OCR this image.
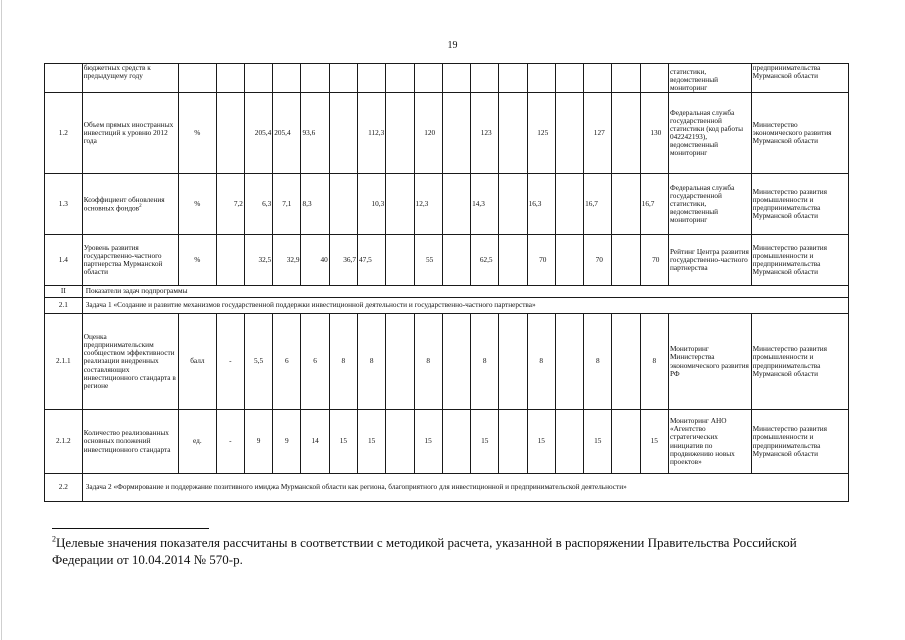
19
	бюджетных средств к предыдущему году																		статистики, ведомственный мониторинг	предпринимательства Мурманской области
1.2	Объем прямых иностранных инвестиций к уровню 2012 года	%		205,4	205,4	93,6		112,3		120		123		125		127		130	Федеральная служба государственной статистики (код работы 042242193), ведомственный мониторинг	Министерство экономического развития Мурманской области
1.3	Коэффициент обновления основных фондов$^2$	%	7,2	6,3	7,1	8,3		10,3		12,3		14,3		16,3		16,7		16,7	Федеральная служба государственной статистики, ведомственный мониторинг	Министерство развития промышленности и предпринимательства Мурманской области
1.4	Уровень развития государственно-частного партнерства Мурманской области	%		32,5	32,9	40	36,7	47,5		55		62,5		70		70		70	Рейтинг Центра развития государственно-частного партнерства	Министерство развития промышленности и предпринимательства Мурманской области
II	Показатели задач подпрограммы																			
2.1	Задача 1 «Создание и развитие механизмов государственной поддержки инвестиционной деятельности и государственно-частного партнерства»																			
2.1.1	Оценка предпринимательским сообществом эффективности реализации внедренных составляющих инвестиционного стандарта в регионе	балл	-	5,5	6	6	8	8		8		8		8		8		8	Мониторинг Министерства экономического развития РФ	Министерство развития промышленности и предпринимательства Мурманской области
2.1.2	Количество реализованных основных положений инвестиционного стандарта	ед.	-	9	9	14	15	15		15		15		15		15		15	Мониторинг АНО «Агентство стратегических инициатив по продвижению новых проектов»	Министерство развития промышленности и предпринимательства Мурманской области
2.2	Задача 2 «Формирование и поддержание позитивного имиджа Мурманской области как региона, благоприятного для инвестиционной и предпринимательской деятельности»																			
$^2$Целевые значения показателя рассчитаны в соответствии с методикой расчета, указанной в распоряжении Правительства Российской Федерации от 10.04.2014 № 570-р.
